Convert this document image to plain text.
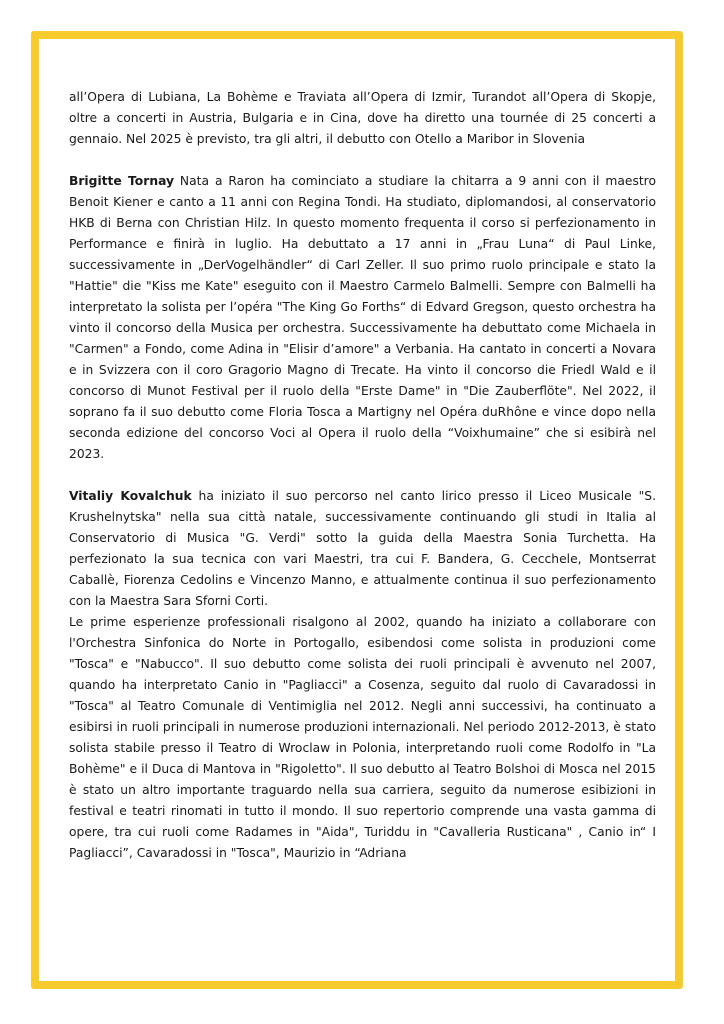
all’Opera di Lubiana, La Bohème e Traviata all’Opera di Izmir, Turandot all’Opera di Skopje, oltre a concerti in Austria, Bulgaria e in Cina, dove ha diretto una tournée di 25 concerti a gennaio. Nel 2025 è previsto, tra gli altri, il debutto con Otello a Maribor in Slovenia

Brigitte Tornay Nata a Raron ha cominciato a studiare la chitarra a 9 anni con il maestro Benoit Kiener e canto a 11 anni con Regina Tondi. Ha studiato, diplomandosi, al conservatorio HKB di Berna con Christian Hilz. In questo momento frequenta il corso si perfezionamento in Performance e finirà in luglio. Ha debuttato a 17 anni in „Frau Luna“ di Paul Linke, successivamente in „DerVogelhändler“ di Carl Zeller. Il suo primo ruolo principale e stato la "Hattie" die "Kiss me Kate" eseguito con il Maestro Carmelo Balmelli. Sempre con Balmelli ha interpretato la solista per l’opéra "The King Go Forths“ di Edvard Gregson, questo orchestra ha vinto il concorso della Musica per orchestra. Successivamente ha debuttato come Michaela in "Carmen" a Fondo, come Adina in "Elisir d’amore" a Verbania. Ha cantato in concerti a Novara e in Svizzera con il coro Gragorio Magno di Trecate. Ha vinto il concorso die Friedl Wald e il concorso di Munot Festival per il ruolo della "Erste Dame" in "Die Zauberflöte". Nel 2022, il soprano fa il suo debutto come Floria Tosca a Martigny nel Opéra duRhône e vince dopo nella seconda edizione del concorso Voci al Opera il ruolo della “Voixhumaine” che si esibirà nel 2023.

Vitaliy Kovalchuk ha iniziato il suo percorso nel canto lirico presso il Liceo Musicale "S. Krushelnytska" nella sua città natale, successivamente continuando gli studi in Italia al Conservatorio di Musica "G. Verdi" sotto la guida della Maestra Sonia Turchetta. Ha perfezionato la sua tecnica con vari Maestri, tra cui F. Bandera, G. Cecchele, Montserrat Caballè, Fiorenza Cedolins e Vincenzo Manno, e attualmente continua il suo perfezionamento con la Maestra Sara Sforni Corti.

Le prime esperienze professionali risalgono al 2002, quando ha iniziato a collaborare con l'Orchestra Sinfonica do Norte in Portogallo, esibendosi come solista in produzioni come "Tosca" e "Nabucco". Il suo debutto come solista dei ruoli principali è avvenuto nel 2007, quando ha interpretato Canio in "Pagliacci" a Cosenza, seguito dal ruolo di Cavaradossi in "Tosca" al Teatro Comunale di Ventimiglia nel 2012. Negli anni successivi, ha continuato a esibirsi in ruoli principali in numerose produzioni internazionali. Nel periodo 2012-2013, è stato solista stabile presso il Teatro di Wroclaw in Polonia, interpretando ruoli come Rodolfo in "La Bohème" e il Duca di Mantova in "Rigoletto". Il suo debutto al Teatro Bolshoi di Mosca nel 2015 è stato un altro importante traguardo nella sua carriera, seguito da numerose esibizioni in festival e teatri rinomati in tutto il mondo. Il suo repertorio comprende una vasta gamma di opere, tra cui ruoli come Radames in "Aida", Turiddu in "Cavalleria Rusticana" , Canio in“ I Pagliacci”, Cavaradossi in "Tosca", Maurizio in “Adriana
